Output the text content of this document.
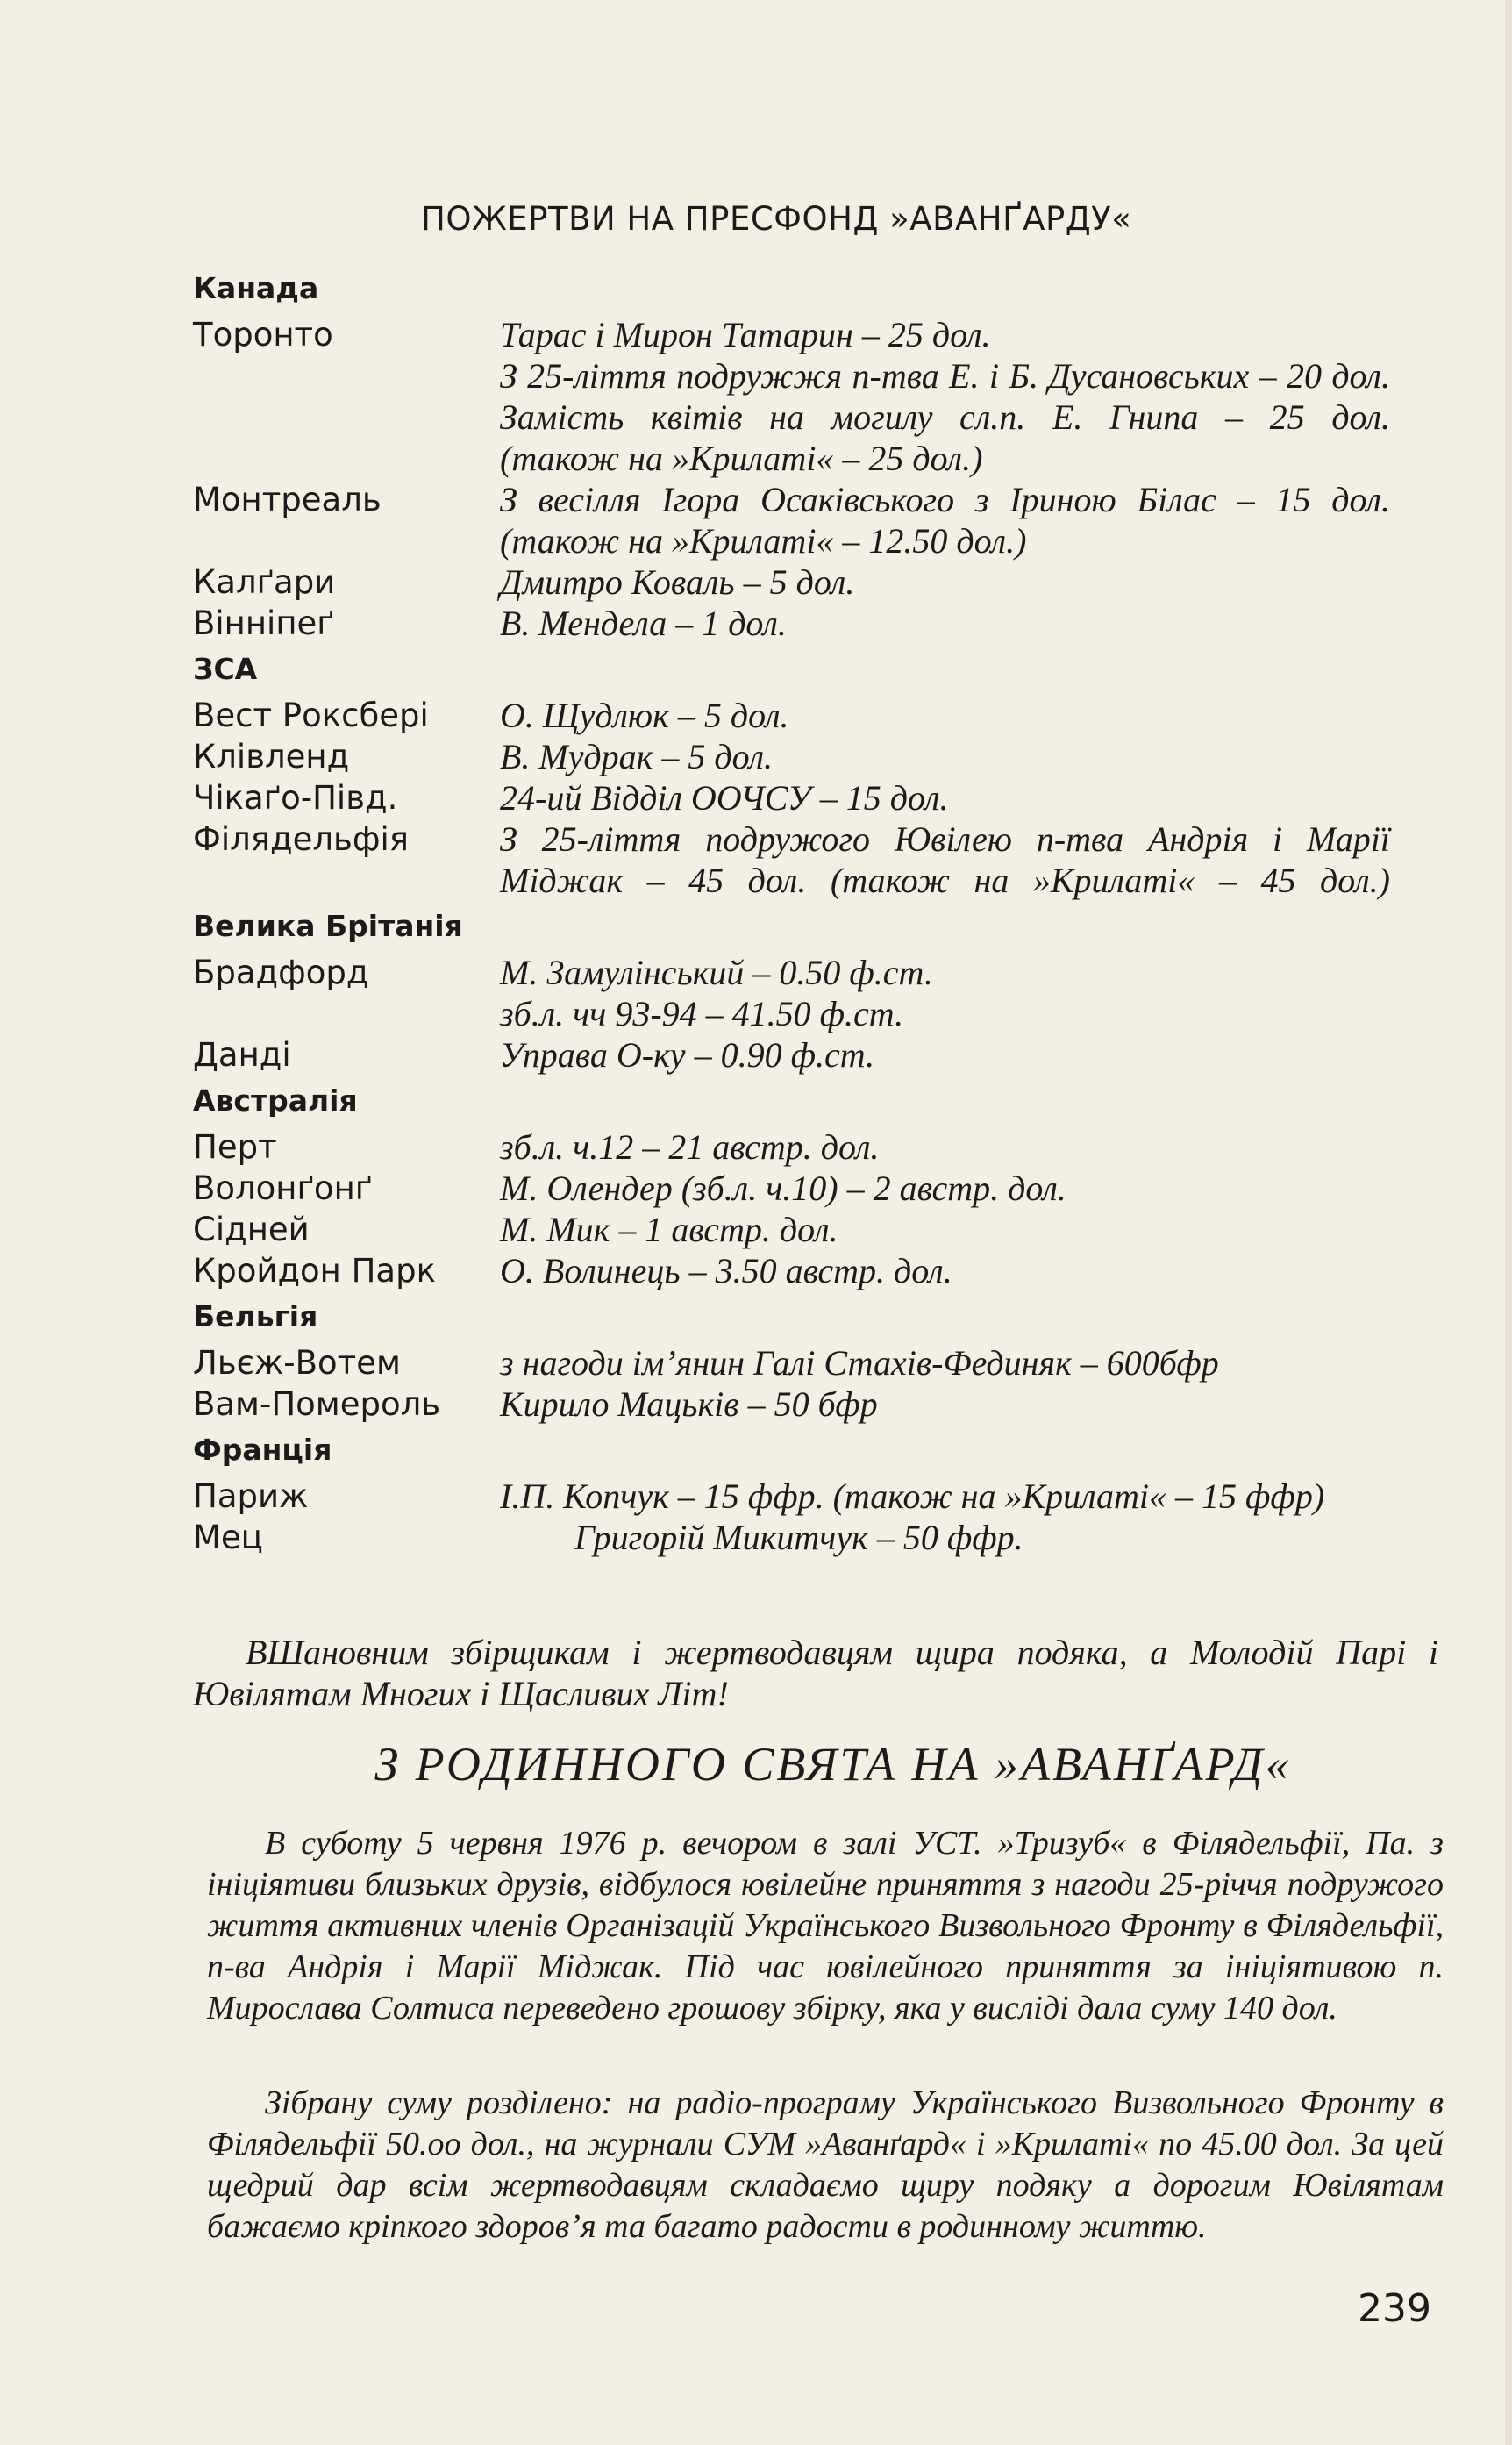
ПОЖЕРТВИ НА ПРЕСФОНД »АВАНҐАРДУ«
Канада
Торонто	Тарас і Мирон Татарин – 25 дол.
З 25-ліття подружжя п-тва Е. і Б. Дусановських – 20 дол.
Замість квітів на могилу сл.п. Е. Гнипа – 25 дол.
(також на »Крилаті« – 25 дол.)
Монтреаль	З весілля Ігора Осаківського з Іриною Білас – 15 дол.
(також на »Крилаті« – 12.50 дол.)
Калґари	Дмитро Коваль – 5 дол.
Вінніпеґ	В. Мендела – 1 дол.
ЗСА
Вест Роксбері	О. Щудлюк – 5 дол.
Клівленд	В. Мудрак – 5 дол.
Чікаґо-Півд.	24-ий Відділ ООЧСУ – 15 дол.
Філядельфія	З 25-ліття подружого Ювілею п-тва Андрія і Марії
Міджак – 45 дол. (також на »Крилаті« – 45 дол.)
Велика Брітанія
Брадфорд	М. Замулінський – 0.50 ф.ст.
зб.л. чч 93-94 – 41.50 ф.ст.
Данді	Управа О-ку – 0.90 ф.ст.
Австралія
Перт	зб.л. ч.12 – 21 австр. дол.
Волонґонґ	М. Олендер (зб.л. ч.10) – 2 австр. дол.
Сідней	М. Мик – 1 австр. дол.
Кройдон Парк	О. Волинець – 3.50 австр. дол.
Бельгія
Льєж-Вотем	з нагоди імʼянин Галі Стахів-Фединяк – 600бфр
Вам-Помероль	Кирило Мацьків – 50 бфр
Франція
Париж	І.П. Копчук – 15 ффр. (також на »Крилаті« – 15 ффр)
Мец	Григорій Микитчук – 50 ффр.
ВШановним збірщикам і жертводавцям щира подяка, а Молодій Парі і Ювілятам Многих і Щасливих Літ!
З РОДИННОГО СВЯТА НА »АВАНҐАРД«
В суботу 5 червня 1976 р. вечором в залі УСТ. »Тризуб« в Філядельфії, Па. з ініціятиви близьких друзів, відбулося ювілейне приняття з нагоди 25-річчя подружого життя активних членів Організацій Українського Визвольного Фронту в Філядельфії, п-ва Андрія і Марії Міджак. Під час ювілейного приняття за ініціятивою п. Мирослава Солтиса переведено грошову збірку, яка у висліді дала суму 140 дол.
Зібрану суму розділено: на радіо-програму Українського Визвольного Фронту в Філядельфії 50.оо дол., на журнали СУМ »Аванґард« і »Крилаті« по 45.00 дол. За цей щедрий дар всім жертводавцям складаємо щиру подяку а дорогим Ювілятам бажаємо кріпкого здоровʼя та багато радости в родинному життю.
239
